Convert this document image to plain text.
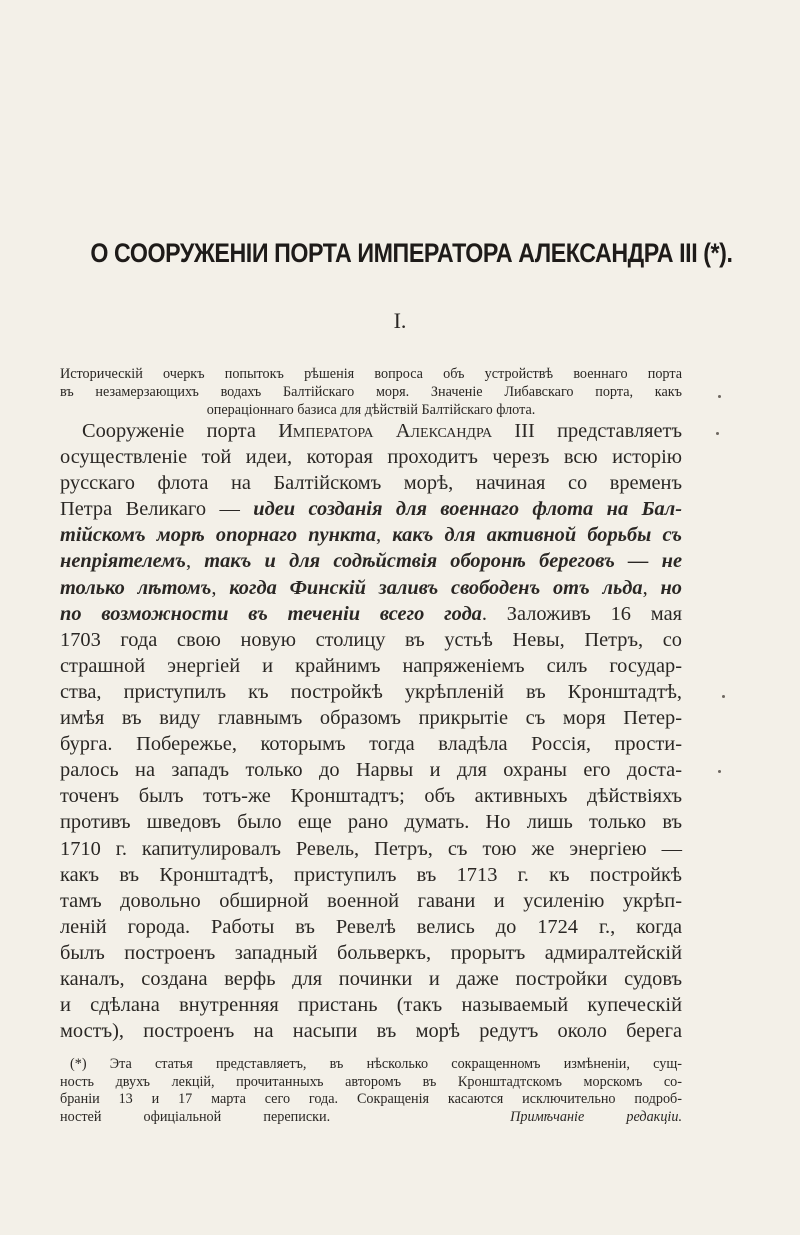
О СООРУЖЕНІИ ПОРТА ИМПЕРАТОРА АЛЕКСАНДРА III (*).
I.
Историческій очеркъ попытокъ рѣшенія вопроса объ устройствѣ военнаго порта
въ незамерзающихъ водахъ Балтійскаго моря. Значеніе Либавскаго порта, какъ
операціоннаго базиса для дѣйствій Балтійскаго флота.
Сооруженіе порта Императора Александра III представляетъ
осуществленіе той идеи, которая проходитъ черезъ всю исторію
русскаго флота на Балтійскомъ морѣ, начиная со временъ
Петра Великаго — идеи созданія для военнаго флота на Бал-
тійскомъ морѣ опорнаго пункта, какъ для активной борьбы съ
непріятелемъ, такъ и для содѣйствія оборонѣ береговъ — не
только лѣтомъ, когда Финскій заливъ свободенъ отъ льда, но
по возможности въ теченіи всего года. Заложивъ 16 мая
1703 года свою новую столицу въ устьѣ Невы, Петръ, со
страшной энергіей и крайнимъ напряженіемъ силъ государ-
ства, приступилъ къ постройкѣ укрѣпленій въ Кронштадтѣ,
имѣя въ виду главнымъ образомъ прикрытіе съ моря Петер-
бурга. Побережье, которымъ тогда владѣла Россія, прости-
ралось на западъ только до Нарвы и для охраны его доста-
точенъ былъ тотъ-же Кронштадтъ; объ активныхъ дѣйствіяхъ
противъ шведовъ было еще рано думать. Но лишь только въ
1710 г. капитулировалъ Ревель, Петръ, съ тою же энергіею —
какъ въ Кронштадтѣ, приступилъ въ 1713 г. къ постройкѣ
тамъ довольно обширной военной гавани и усиленію укрѣп-
леній города. Работы въ Ревелѣ велись до 1724 г., когда
былъ построенъ западный больверкъ, прорытъ адмиралтейскій
каналъ, создана верфь для починки и даже постройки судовъ
и сдѣлана внутренняя пристань (такъ называемый купеческій
мостъ), построенъ на насыпи въ морѣ редутъ около берега
(*) Эта статья представляетъ, въ нѣсколько сокращенномъ измѣненіи, сущ-
ность двухъ лекцій, прочитанныхъ авторомъ въ Кронштадтскомъ морскомъ со-
браніи 13 и 17 марта сего года. Сокращенія касаются исключительно подроб-
ностей офиціальной переписки.	Примѣчаніе редакціи.
